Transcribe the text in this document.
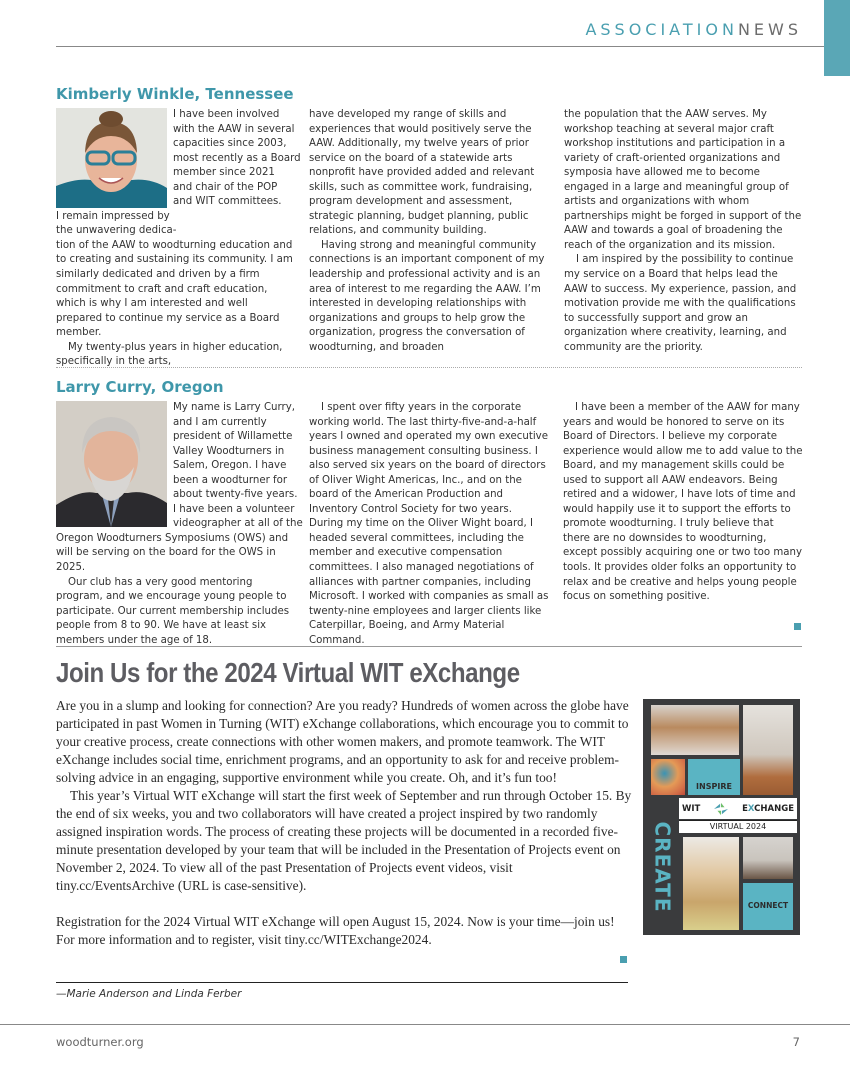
ASSOCIATIONNEWS
Kimberly Winkle, Tennessee
I have been involved
with the AAW in several
capacities since 2003,
most recently as a Board
member since 2021
and chair of the POP
and WIT committees.
I remain impressed by
the unwavering dedica-

tion of the AAW to woodturning education and to creating and sustaining its community. I am similarly dedicated and driven by a firm commitment to craft and craft education, which is why I am interested and well prepared to continue my service as a Board member.

My twenty-plus years in higher education, specifically in the arts,

have developed my range of skills and experiences that would positively serve the AAW. Additionally, my twelve years of prior service on the board of a statewide arts nonprofit have provided added and relevant skills, such as committee work, fundraising, program development and assessment, strategic planning, budget planning, public relations, and community building.

Having strong and meaningful community connections is an important component of my leadership and professional activity and is an area of interest to me regarding the AAW. I’m interested in developing relationships with organizations and groups to help grow the organization, progress the conversation of woodturning, and broaden

the population that the AAW serves. My workshop teaching at several major craft workshop institutions and participation in a variety of craft-oriented organizations and symposia have allowed me to become engaged in a large and meaningful group of artists and organizations with whom partnerships might be forged in support of the AAW and towards a goal of broadening the reach of the organization and its mission.

I am inspired by the possibility to continue my service on a Board that helps lead the AAW to success. My experience, passion, and motivation provide me with the qualifications to successfully support and grow an organization where creativity, learning, and community are the priority.

Larry Curry, Oregon
My name is Larry Curry,
and I am currently
president of Willamette
Valley Woodturners in
Salem, Oregon. I have
been a woodturner for
about twenty-five years.
I have been a volunteer
videographer at all of the

Oregon Woodturners Symposiums (OWS) and will be serving on the board for the OWS in 2025.

Our club has a very good mentoring program, and we encourage young people to participate. Our current membership includes people from 8 to 90. We have at least six members under the age of 18.

I spent over fifty years in the corporate working world. The last thirty-five-and-a-half years I owned and operated my own executive business management consulting business. I also served six years on the board of directors of Oliver Wight Americas, Inc., and on the board of the American Production and Inventory Control Society for two years. During my time on the Oliver Wight board, I headed several committees, including the member and executive compensation committees. I also managed negotiations of alliances with partner companies, including Microsoft. I worked with companies as small as twenty-nine employees and larger clients like Caterpillar, Boeing, and Army Material Command.

I have been a member of the AAW for many years and would be honored to serve on its Board of Directors. I believe my corporate experience would allow me to add value to the Board, and my management skills could be used to support all AAW endeavors. Being retired and a widower, I have lots of time and would happily use it to support the efforts to promote woodturning. I truly believe that there are no downsides to woodturning, except possibly acquiring one or two too many tools. It provides older folks an opportunity to relax and be creative and helps young people focus on something positive.

Join Us for the 2024 Virtual WIT eXchange

Are you in a slump and looking for connection? Are you ready? Hundreds of women across the globe have participated in past Women in Turning (WIT) eXchange collaborations, which encourage you to commit to your creative process, create connections with other women makers, and promote teamwork. The WIT eXchange includes social time, enrichment programs, and an opportunity to ask for and receive problem-solving advice in an engaging, supportive environment while you create. Oh, and it’s fun too!

This year’s Virtual WIT eXchange will start the first week of September and run through October 15. By the end of six weeks, you and two collaborators will have created a project inspired by two randomly assigned inspiration words. The process of creating these projects will be documented in a recorded five-minute presentation developed by your team that will be included in the Presentation of Projects event on November 2, 2024. To view all of the past Presentation of Projects event videos, visit tiny.cc/EventsArchive (URL is case-sensitive).

Registration for the 2024 Virtual WIT eXchange will open August 15, 2024. Now is your time—join us! For more information and to register, visit tiny.cc/WITExchange2024.

—Marie Anderson and Linda Ferber
INSPIRE
WIT	EXCHANGE
VIRTUAL 2024
CONNECT
CREATE
woodturner.org	7
